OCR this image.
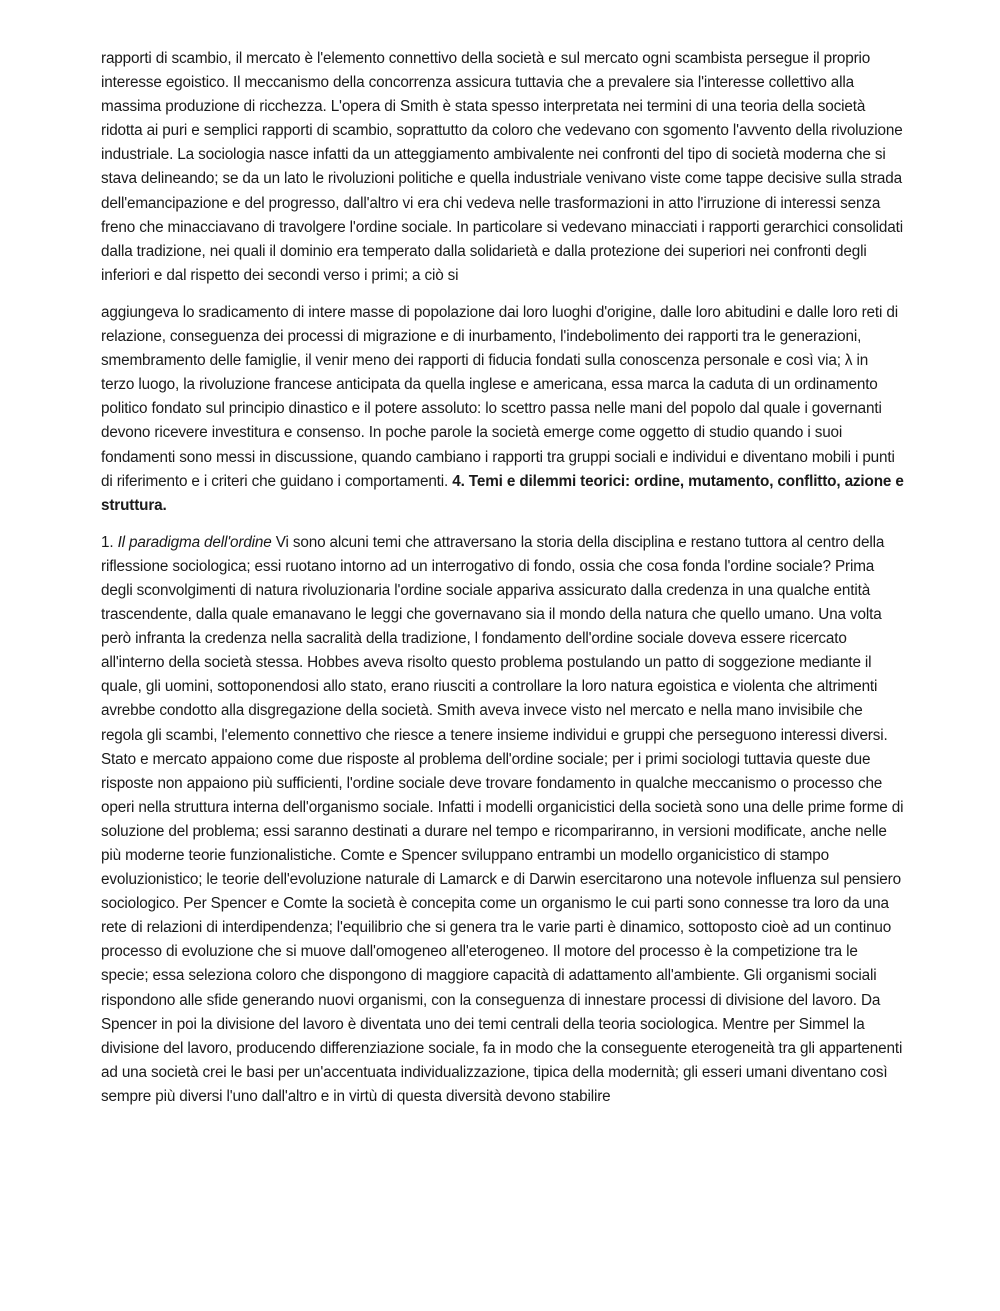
rapporti di scambio, il mercato è l'elemento connettivo della società e sul mercato ogni scambista persegue il proprio interesse egoistico. Il meccanismo della concorrenza assicura tuttavia che a prevalere sia l'interesse collettivo alla massima produzione di ricchezza. L'opera di Smith è stata spesso interpretata nei termini di una teoria della società ridotta ai puri e semplici rapporti di scambio, soprattutto da coloro che vedevano con sgomento l'avvento della rivoluzione industriale. La sociologia nasce infatti da un atteggiamento ambivalente nei confronti del tipo di società moderna che si stava delineando; se da un lato le rivoluzioni politiche e quella industriale venivano viste come tappe decisive sulla strada dell'emancipazione e del progresso, dall'altro vi era chi vedeva nelle trasformazioni in atto l'irruzione di interessi senza freno che minacciavano di travolgere l'ordine sociale. In particolare si vedevano minacciati i rapporti gerarchici consolidati dalla tradizione, nei quali il dominio era temperato dalla solidarietà e dalla protezione dei superiori nei confronti degli inferiori e dal rispetto dei secondi verso i primi; a ciò si

aggiungeva lo sradicamento di intere masse di popolazione dai loro luoghi d'origine, dalle loro abitudini e dalle loro reti di relazione, conseguenza dei processi di migrazione e di inurbamento, l'indebolimento dei rapporti tra le generazioni, smembramento delle famiglie, il venir meno dei rapporti di fiducia fondati sulla conoscenza personale e così via; λ in terzo luogo, la rivoluzione francese anticipata da quella inglese e americana, essa marca la caduta di un ordinamento politico fondato sul principio dinastico e il potere assoluto: lo scettro passa nelle mani del popolo dal quale i governanti devono ricevere investitura e consenso. In poche parole la società emerge come oggetto di studio quando i suoi fondamenti sono messi in discussione, quando cambiano i rapporti tra gruppi sociali e individui e diventano mobili i punti di riferimento e i criteri che guidano i comportamenti. 4. Temi e dilemmi teorici: ordine, mutamento, conflitto, azione e struttura.

1. Il paradigma dell'ordine Vi sono alcuni temi che attraversano la storia della disciplina e restano tuttora al centro della riflessione sociologica; essi ruotano intorno ad un interrogativo di fondo, ossia che cosa fonda l'ordine sociale? Prima degli sconvolgimenti di natura rivoluzionaria l'ordine sociale appariva assicurato dalla credenza in una qualche entità trascendente, dalla quale emanavano le leggi che governavano sia il mondo della natura che quello umano. Una volta però infranta la credenza nella sacralità della tradizione, l fondamento dell'ordine sociale doveva essere ricercato all'interno della società stessa. Hobbes aveva risolto questo problema postulando un patto di soggezione mediante il quale, gli uomini, sottoponendosi allo stato, erano riusciti a controllare la loro natura egoistica e violenta che altrimenti avrebbe condotto alla disgregazione della società. Smith aveva invece visto nel mercato e nella mano invisibile che regola gli scambi, l'elemento connettivo che riesce a tenere insieme individui e gruppi che perseguono interessi diversi. Stato e mercato appaiono come due risposte al problema dell'ordine sociale; per i primi sociologi tuttavia queste due risposte non appaiono più sufficienti, l'ordine sociale deve trovare fondamento in qualche meccanismo o processo che operi nella struttura interna dell'organismo sociale. Infatti i modelli organicistici della società sono una delle prime forme di soluzione del problema; essi saranno destinati a durare nel tempo e ricompariranno, in versioni modificate, anche nelle più moderne teorie funzionalistiche. Comte e Spencer sviluppano entrambi un modello organicistico di stampo evoluzionistico; le teorie dell'evoluzione naturale di Lamarck e di Darwin esercitarono una notevole influenza sul pensiero sociologico. Per Spencer e Comte la società è concepita come un organismo le cui parti sono connesse tra loro da una rete di relazioni di interdipendenza; l'equilibrio che si genera tra le varie parti è dinamico, sottoposto cioè ad un continuo processo di evoluzione che si muove dall'omogeneo all'eterogeneo. Il motore del processo è la competizione tra le specie; essa seleziona coloro che dispongono di maggiore capacità di adattamento all'ambiente. Gli organismi sociali rispondono alle sfide generando nuovi organismi, con la conseguenza di innestare processi di divisione del lavoro. Da Spencer in poi la divisione del lavoro è diventata uno dei temi centrali della teoria sociologica. Mentre per Simmel la divisione del lavoro, producendo differenziazione sociale, fa in modo che la conseguente eterogeneità tra gli appartenenti ad una società crei le basi per un'accentuata individualizzazione, tipica della modernità; gli esseri umani diventano così sempre più diversi l'uno dall'altro e in virtù di questa diversità devono stabilire
